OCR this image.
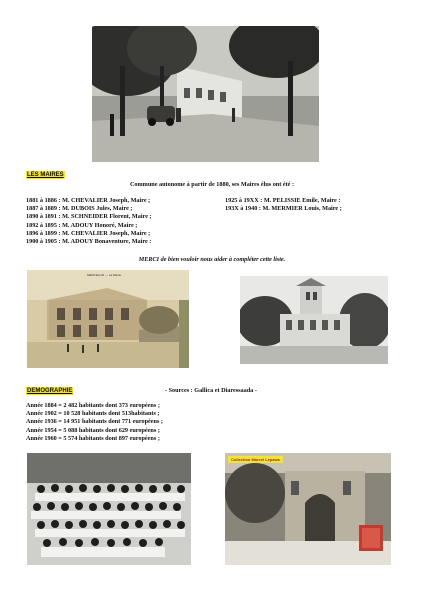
LES MAIRES
Commune autonome à partir de 1880, ses Maires élus ont été :
1881 à 1886 : M. CHEVALIER Joseph, Maire ;
1887 à 1889 : M. DUBOIS Jules, Maire ;
1890 à 1891 : M. SCHNEIDER Florent, Maire ;
1892 à 1895 : M. ADOUY Honoré, Maire ;
1896 à 1899 : M. CHEVALIER Joseph, Maire ;
1900 à 1905 : M. ADOUY Bonaventure, Maire :
1925 à 19XX : M. PELISSIE Emile, Maire :
193X à 1940 : M. MERMIER Louis, Maire ;
MERCI de bien vouloir nous aider à compléter cette liste.
MERCELLIN — La Mairie
DEMOGRAPHIE	- Sources : Gallica et Diaressaada -
Année 1884 = 2 482 habitants dont 373 européens ;
Année 1902 = 10 528 habitants dont 513habitants ;
Année 1936 = 14 951 habitants dont 771 européens ;
Année 1954 = 5 088 habitants dont 629 européens ;
Année 1960 = 5 574 habitants dont 897 européens ;
Collection Marcel Lepaws
